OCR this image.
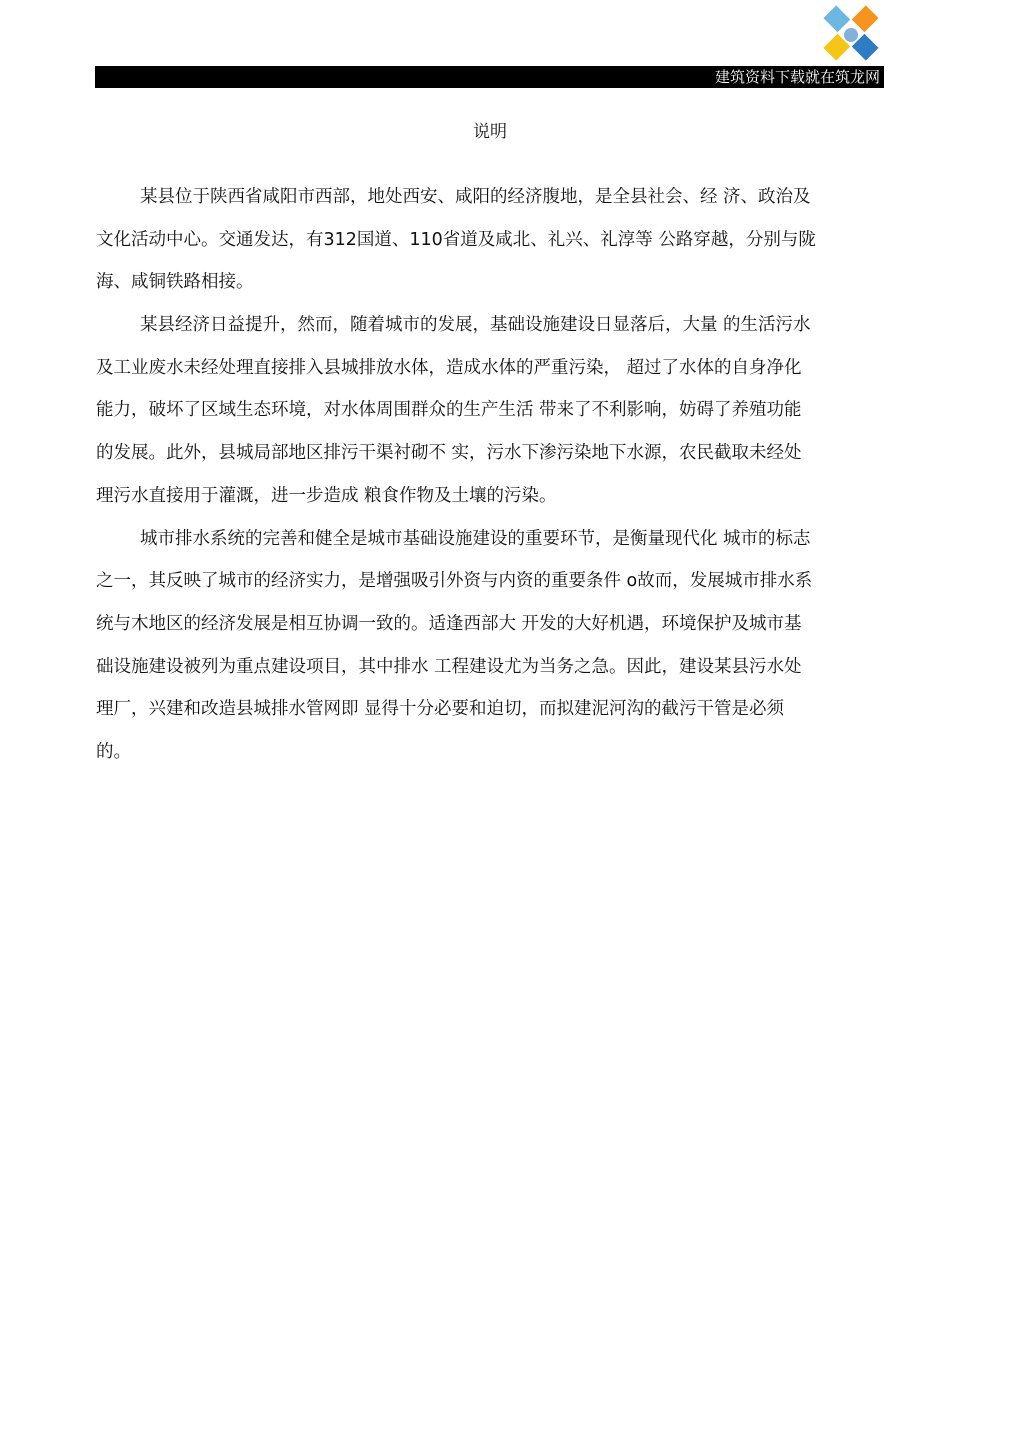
建筑资料下载就在筑龙网
说明
某县位于陕西省咸阳市西部，地处西安、咸阳的经济腹地，是全县社会、经 济、政治及
文化活动中心。交通发达，有312国道、110省道及咸北、礼兴、礼淳等 公路穿越，分别与陇
海、咸铜铁路相接。
某县经济日益提升，然而，随着城市的发展，基础设施建设日显落后，大量 的生活污水
及工业废水未经处理直接排入县城排放水体，造成水体的严重污染， 超过了水体的自身净化
能力，破坏了区域生态环境，对水体周围群众的生产生活 带来了不利影响，妨碍了养殖功能
的发展。此外，县城局部地区排污干渠衬砌不 实，污水下渗污染地下水源，农民截取未经处
理污水直接用于灌溉，进一步造成 粮食作物及土壤的污染。
城市排水系统的完善和健全是城市基础设施建设的重要环节，是衡量现代化 城市的标志
之一，其反映了城市的经济实力，是增强吸引外资与内资的重要条件 o故而，发展城市排水系
统与木地区的经济发展是相互协调一致的。适逢西部大 开发的大好机遇，环境保护及城市基
础设施建设被列为重点建设项目，其中排水 工程建设尤为当务之急。因此，建设某县污水处
理厂，兴建和改造县城排水管网即 显得十分必要和迫切，而拟建泥河沟的截污干管是必须
的。
